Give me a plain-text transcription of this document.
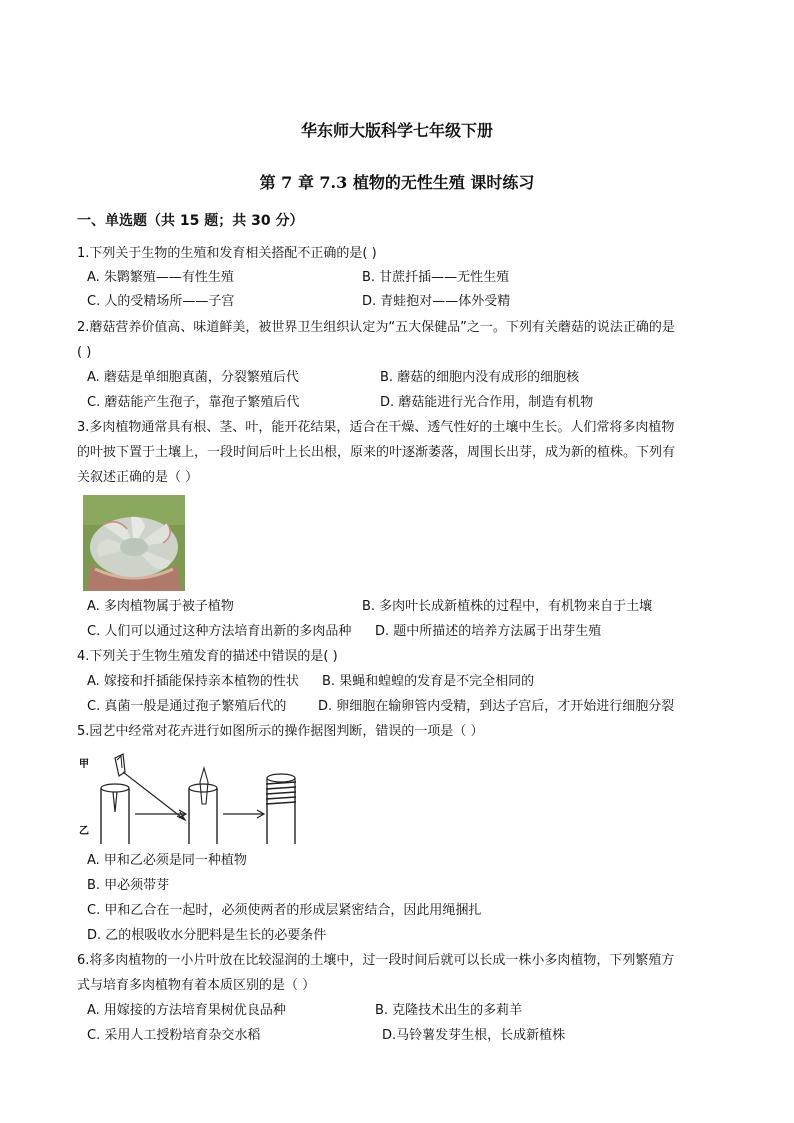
华东师大版科学七年级下册
第 7 章 7.3 植物的无性生殖 课时练习
一、单选题（共 15 题；共 30 分）
1.下列关于生物的生殖和发育相关搭配不正确的是( )
A. 朱鹮繁殖——有性生殖	B. 甘蔗扦插——无性生殖
C. 人的受精场所——子宫	D. 青蛙抱对——体外受精
2.蘑菇营养价值高、味道鲜美，被世界卫生组织认定为“五大保健品”之一。下列有关蘑菇的说法正确的是
( )
A. 蘑菇是单细胞真菌，分裂繁殖后代	B. 蘑菇的细胞内没有成形的细胞核
C. 蘑菇能产生孢子，靠孢子繁殖后代	D. 蘑菇能进行光合作用，制造有机物
3.多肉植物通常具有根、茎、叶，能开花结果，适合在干燥、透气性好的土壤中生长。人们常将多肉植物
的叶披下置于土壤上，一段时间后叶上长出根，原来的叶逐渐萎落，周围长出芽，成为新的植株。下列有
关叙述正确的是（ ）
A. 多肉植物属于被子植物	B. 多肉叶长成新植株的过程中，有机物来自于土壤
C. 人们可以通过这种方法培育出新的多肉品种 D. 题中所描述的培养方法属于出芽生殖
4.下列关于生物生殖发育的描述中错误的是( )
A. 嫁接和扦插能保持亲本植物的性状 B. 果蝇和蝗蝗的发育是不完全相同的
C. 真菌一般是通过孢子繁殖后代的 D. 卵细胞在输卵管内受精，到达子宫后，才开始进行细胞分裂
5.园艺中经常对花卉进行如图所示的操作据图判断，错误的一项是（ ）
甲
乙
A. 甲和乙必须是同一种植物
B. 甲必须带芽
C. 甲和乙合在一起时，必须使两者的形成层紧密结合，因此用绳捆扎
D. 乙的根吸收水分肥料是生长的必要条件
6.将多肉植物的一小片叶放在比较湿润的土壤中，过一段时间后就可以长成一株小多肉植物，下列繁殖方
式与培育多肉植物有着本质区别的是（ ）
A. 用嫁接的方法培育果树优良品种	B. 克隆技术出生的多莉羊
C. 采用人工授粉培育杂交水稻	D.马铃薯发芽生根，长成新植株
